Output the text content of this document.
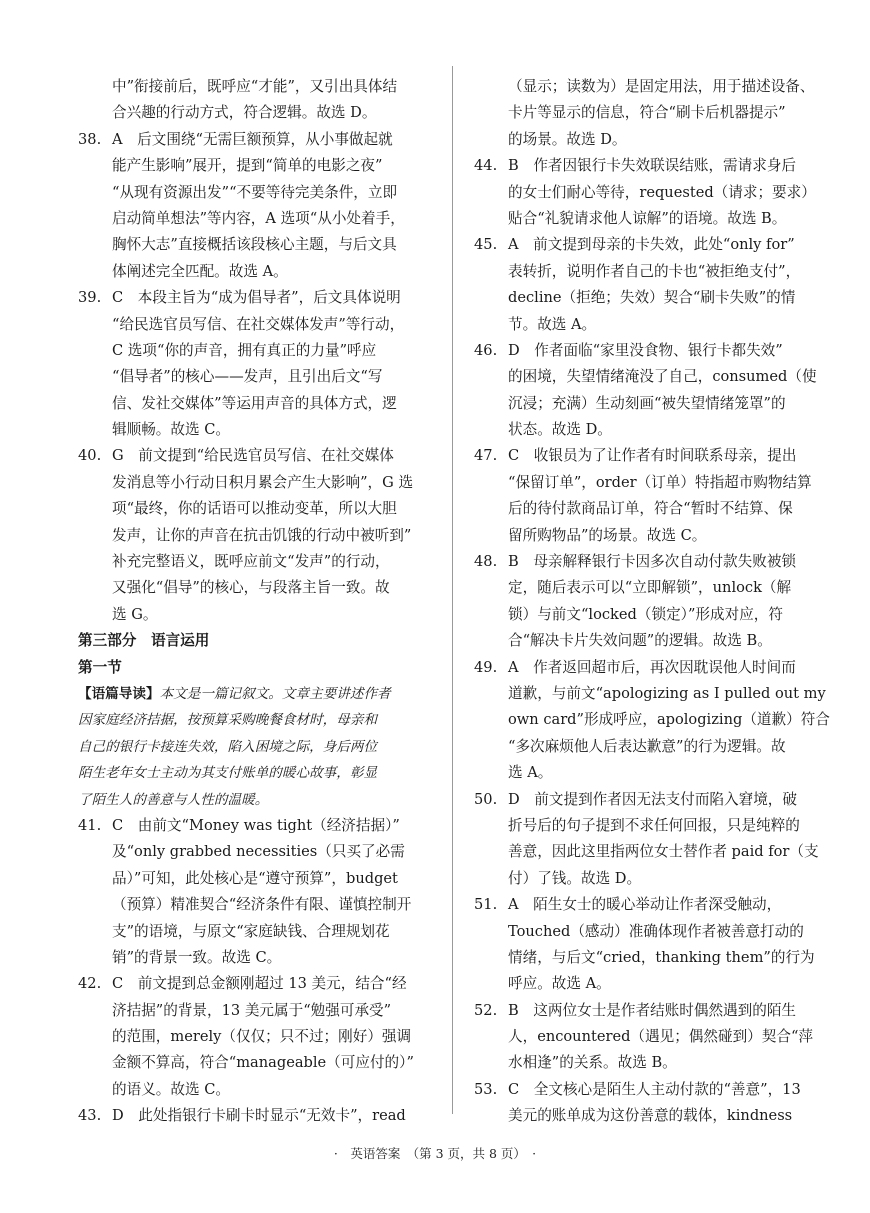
中”衔接前后，既呼应“才能”，又引出具体结
合兴趣的行动方式，符合逻辑。故选 D。
38. A　后文围绕“无需巨额预算，从小事做起就
能产生影响”展开，提到“简单的电影之夜”
“从现有资源出发”“不要等待完美条件，立即
启动简单想法”等内容，A 选项“从小处着手，
胸怀大志”直接概括该段核心主题，与后文具
体阐述完全匹配。故选 A。
39. C　本段主旨为“成为倡导者”，后文具体说明
“给民选官员写信、在社交媒体发声”等行动，
C 选项“你的声音，拥有真正的力量”呼应
“倡导者”的核心——发声，且引出后文“写
信、发社交媒体”等运用声音的具体方式，逻
辑顺畅。故选 C。
40. G　前文提到“给民选官员写信、在社交媒体
发消息等小行动日积月累会产生大影响”，G 选
项“最终，你的话语可以推动变革，所以大胆
发声，让你的声音在抗击饥饿的行动中被听到”
补充完整语义，既呼应前文“发声”的行动，
又强化“倡导”的核心，与段落主旨一致。故
选 G。
第三部分　语言运用
第一节
【语篇导读】本文是一篇记叙文。文章主要讲述作者
因家庭经济拮据，按预算采购晚餐食材时，母亲和
自己的银行卡接连失效，陷入困境之际，身后两位
陌生老年女士主动为其支付账单的暖心故事，彰显
了陌生人的善意与人性的温暖。
41. C　由前文“Money was tight（经济拮据）”
及“only grabbed necessities（只买了必需
品）”可知，此处核心是“遵守预算”，budget
（预算）精准契合“经济条件有限、谨慎控制开
支”的语境，与原文“家庭缺钱、合理规划花
销”的背景一致。故选 C。
42. C　前文提到总金额刚超过 13 美元，结合“经
济拮据”的背景，13 美元属于“勉强可承受”
的范围，merely（仅仅；只不过；刚好）强调
金额不算高，符合“manageable（可应付的）”
的语义。故选 C。
43. D　此处指银行卡刷卡时显示“无效卡”，read
（显示；读数为）是固定用法，用于描述设备、
卡片等显示的信息，符合“刷卡后机器提示”
的场景。故选 D。
44. B　作者因银行卡失效联误结账，需请求身后
的女士们耐心等待，requested（请求；要求）
贴合“礼貌请求他人谅解”的语境。故选 B。
45. A　前文提到母亲的卡失效，此处“only for”
表转折，说明作者自己的卡也“被拒绝支付”，
decline（拒绝；失效）契合“刷卡失败”的情
节。故选 A。
46. D　作者面临“家里没食物、银行卡都失效”
的困境，失望情绪淹没了自己，consumed（使
沉浸；充满）生动刻画“被失望情绪笼罩”的
状态。故选 D。
47. C　收银员为了让作者有时间联系母亲，提出
“保留订单”，order（订单）特指超市购物结算
后的待付款商品订单，符合“暂时不结算、保
留所购物品”的场景。故选 C。
48. B　母亲解释银行卡因多次自动付款失败被锁
定，随后表示可以“立即解锁”，unlock（解
锁）与前文“locked（锁定）”形成对应，符
合“解决卡片失效问题”的逻辑。故选 B。
49. A　作者返回超市后，再次因耽误他人时间而
道歉，与前文“apologizing as I pulled out my
own card”形成呼应，apologizing（道歉）符合
“多次麻烦他人后表达歉意”的行为逻辑。故
选 A。
50. D　前文提到作者因无法支付而陷入窘境，破
折号后的句子提到不求任何回报，只是纯粹的
善意，因此这里指两位女士替作者 paid for（支
付）了钱。故选 D。
51. A　陌生女士的暖心举动让作者深受触动，
Touched（感动）准确体现作者被善意打动的
情绪，与后文“cried，thanking them”的行为
呼应。故选 A。
52. B　这两位女士是作者结账时偶然遇到的陌生
人，encountered（遇见；偶然碰到）契合“萍
水相逢”的关系。故选 B。
53. C　全文核心是陌生人主动付款的“善意”，13
美元的账单成为这份善意的载体，kindness
·　英语答案　（第 3 页，共 8 页）　·
